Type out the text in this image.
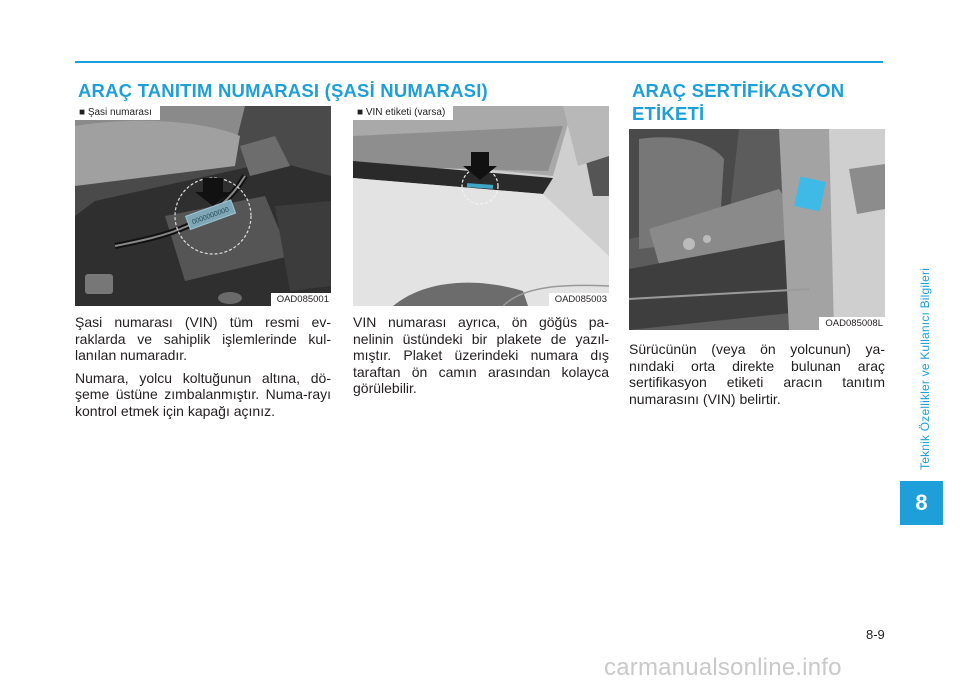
ARAÇ TANITIM NUMARASI (ŞASİ NUMARASI)	ARAÇ SERTİFİKASYON ETİKETİ
0000000000
■ Şasi numarası
OAD085001
■ VIN etiketi (varsa)
OAD085003
OAD085008L

Şasi numarası (VIN) tüm resmi ev-raklarda ve sahiplik işlemlerinde kul-lanılan numaradır.

Numara, yolcu koltuğunun altına, dö-şeme üstüne zımbalanmıştır. Numa-rayı kontrol etmek için kapağı açınız.

VIN numarası ayrıca, ön göğüs pa-nelinin üstündeki bir plakete de yazıl-mıştır. Plaket üzerindeki numara dış taraftan ön camın arasından kolayca görülebilir.

Sürücünün (veya ön yolcunun) ya-nındaki orta direkte bulunan araç sertifikasyon etiketi aracın tanıtım numarasını (VIN) belirtir.	Teknik Özellikler ve Kullanıcı Bilgileri
8
8-9
carmanualsonline.info
